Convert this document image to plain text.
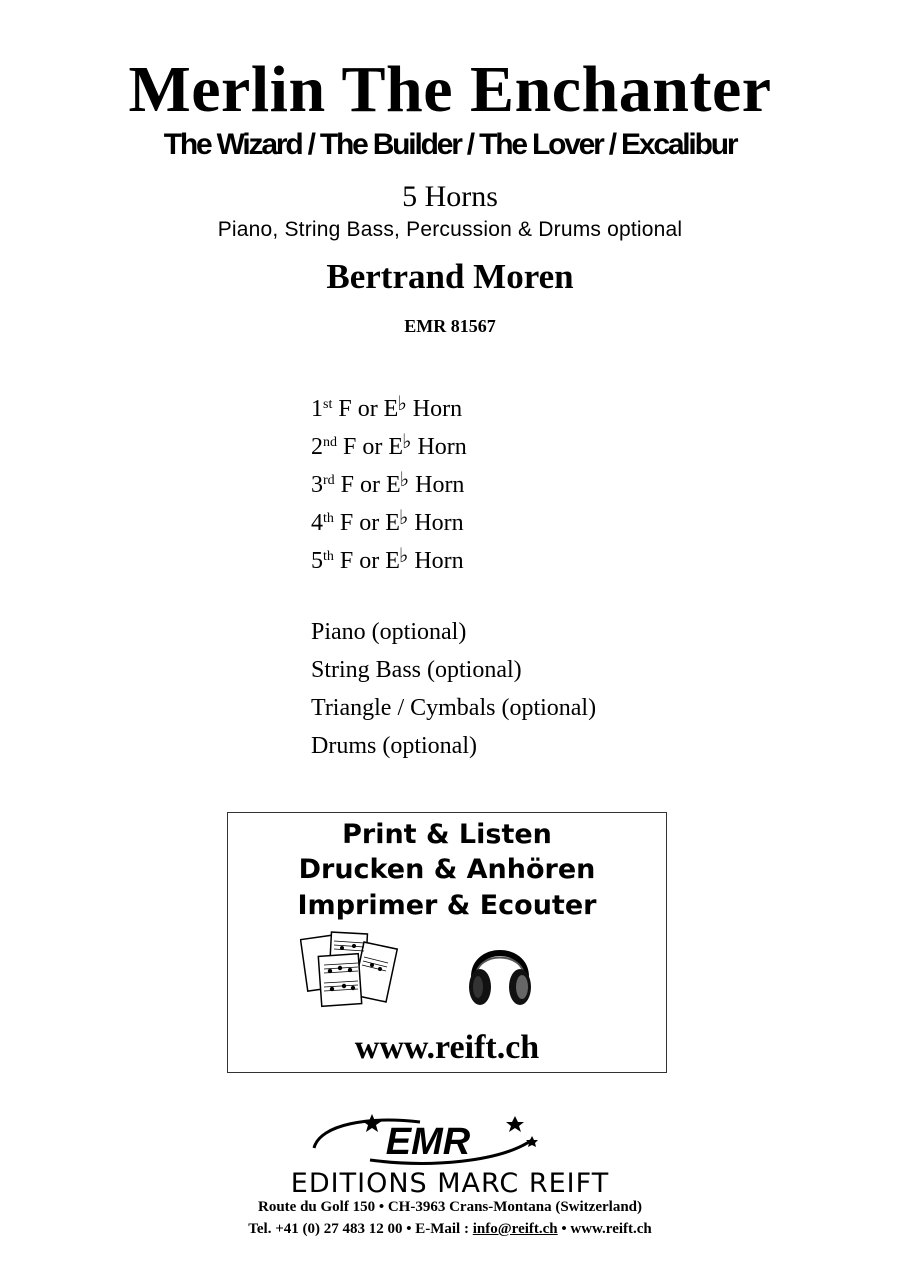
Merlin The Enchanter
The Wizard / The Builder / The Lover / Excalibur
5 Horns
Piano, String Bass, Percussion & Drums optional
Bertrand Moren
EMR 81567
1st F or E♭ Horn
2nd F or E♭ Horn
3rd F or E♭ Horn
4th F or E♭ Horn
5th F or E♭ Horn
Piano (optional)
String Bass (optional)
Triangle / Cymbals (optional)
Drums (optional)
Print & Listen
Drucken & Anhören
Imprimer & Ecouter
www.reift.ch
EMR
EDITIONS MARC REIFT
Route du Golf 150 • CH-3963 Crans-Montana (Switzerland)
Tel. +41 (0) 27 483 12 00 • E-Mail : info@reift.ch • www.reift.ch
